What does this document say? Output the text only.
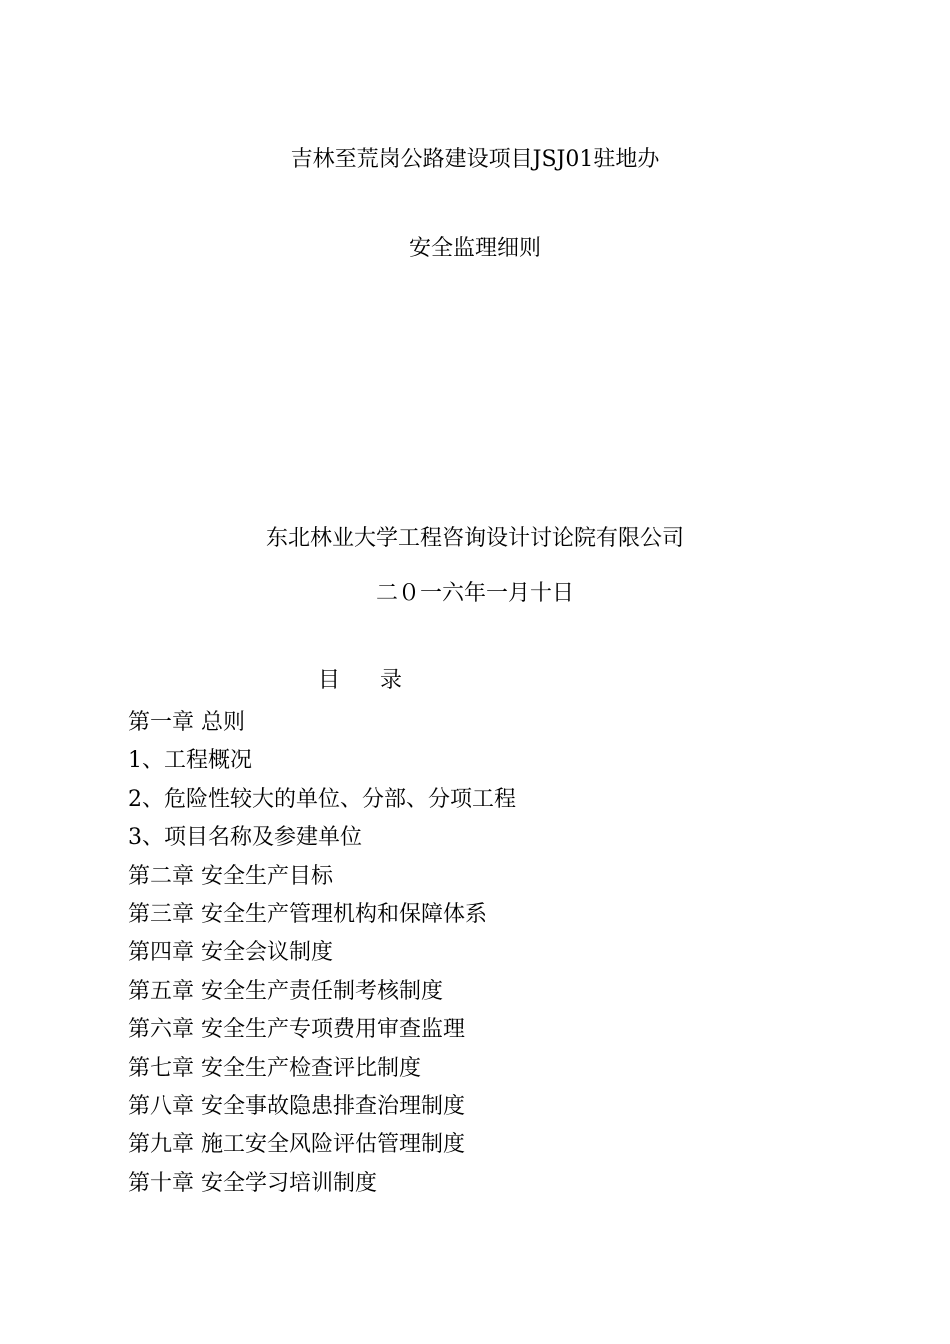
吉林至荒岗公路建设项目JSJ01驻地办
安全监理细则
东北林业大学工程咨询设计讨论院有限公司
二０一六年一月十日
目 录
第一章 总则
1、工程概况
2、危险性较大的单位、分部、分项工程
3、项目名称及参建单位
第二章 安全生产目标
第三章 安全生产管理机构和保障体系
第四章 安全会议制度
第五章 安全生产责任制考核制度
第六章 安全生产专项费用审查监理
第七章 安全生产检查评比制度
第八章 安全事故隐患排查治理制度
第九章 施工安全风险评估管理制度
第十章 安全学习培训制度
